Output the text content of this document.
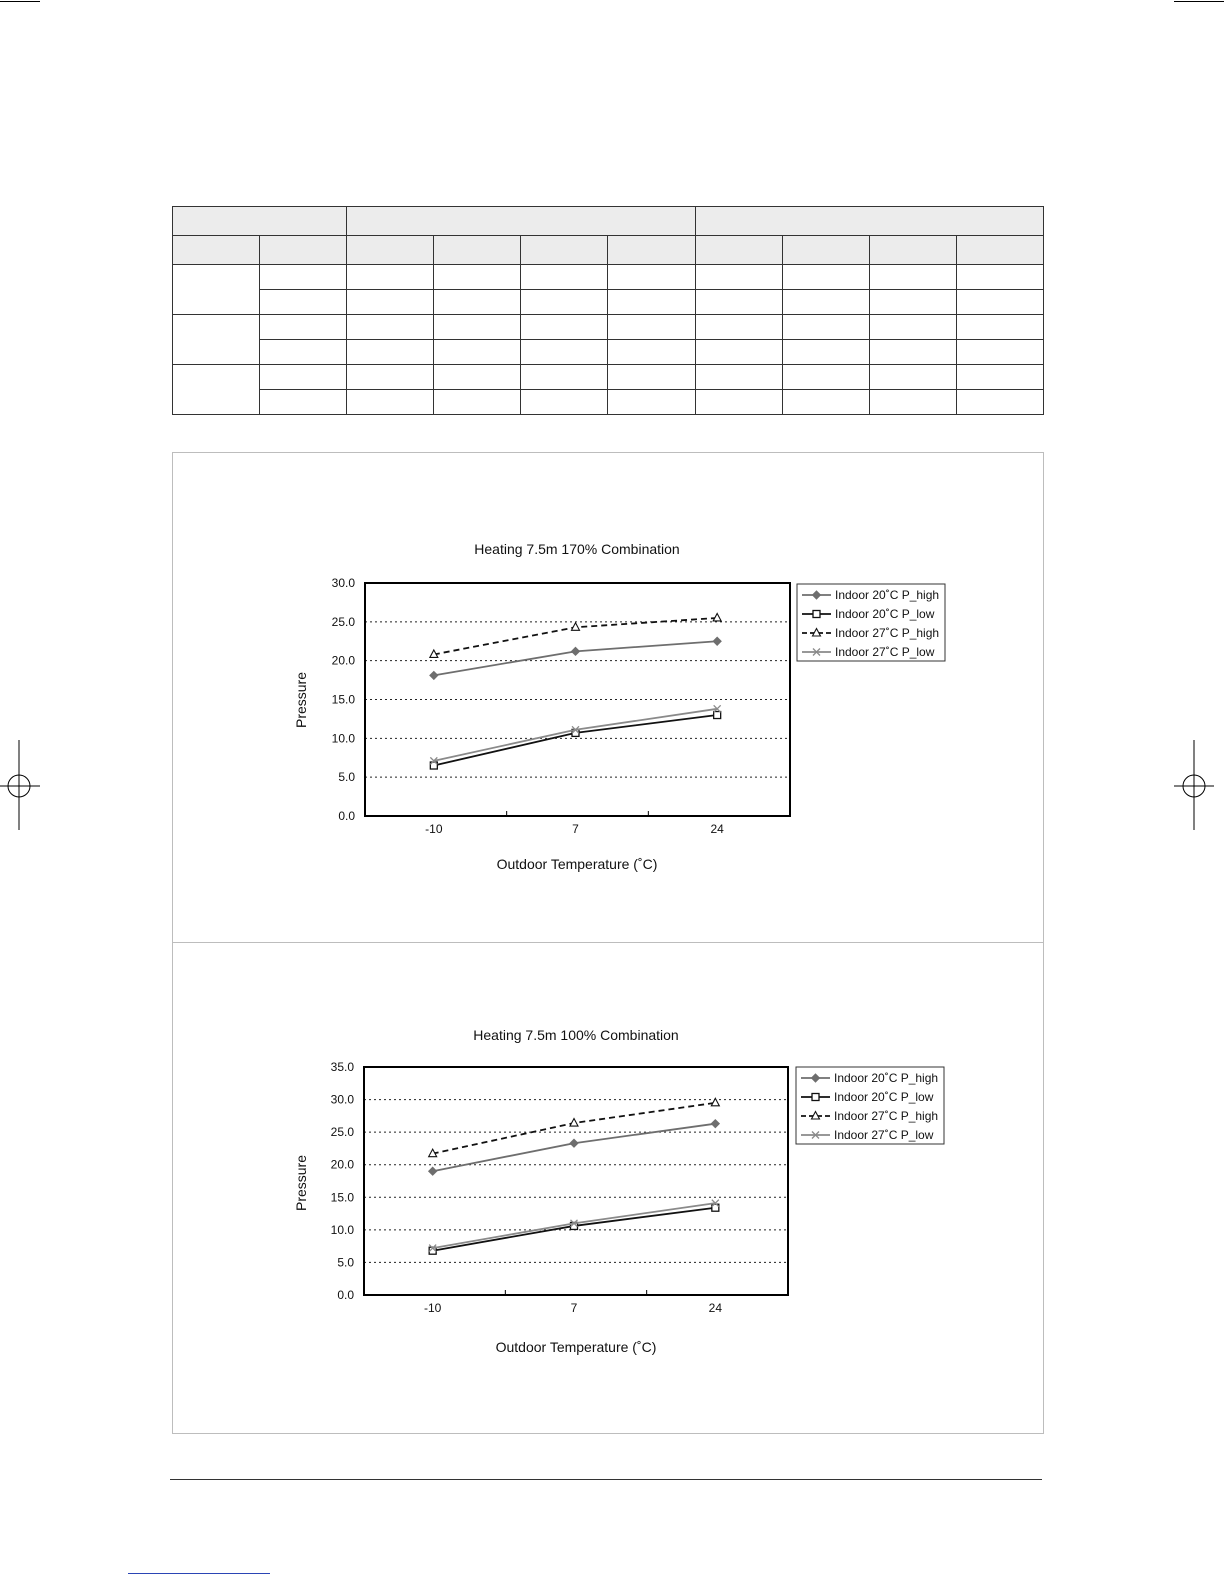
Heating 7.5m 170% Combination
Outdoor Temperature (˚C)
Pressure
0.0
5.0
10.0
15.0
20.0
25.0
30.0
-10	7	24
Indoor 20˚C P_high
Indoor 20˚C P_low
Indoor 27˚C P_high
Indoor 27˚C P_low
Heating 7.5m 100% Combination
Outdoor Temperature (˚C)
Pressure
0.0
5.0
10.0
15.0
20.0
25.0
30.0
35.0
-10	7	24
Indoor 20˚C P_high
Indoor 20˚C P_low
Indoor 27˚C P_high
Indoor 27˚C P_low
